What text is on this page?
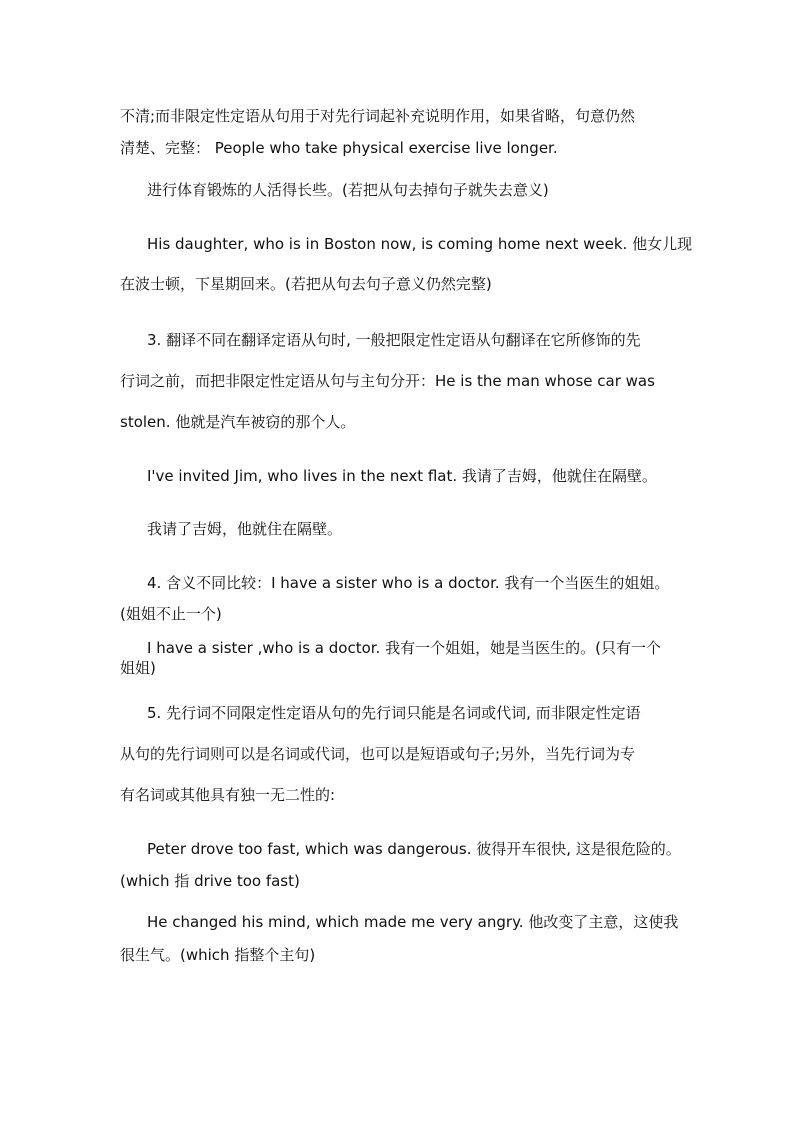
不清;而非限定性定语从句用于对先行词起补充说明作用，如果省略，句意仍然
清楚、完整： People who take physical exercise live longer.
进行体育锻炼的人活得长些。(若把从句去掉句子就失去意义)
His daughter, who is in Boston now, is coming home next week. 他女儿现
在波士顿，下星期回来。(若把从句去句子意义仍然完整)
3. 翻译不同在翻译定语从句时, 一般把限定性定语从句翻译在它所修饰的先
行词之前，而把非限定性定语从句与主句分开：He is the man whose car was
stolen. 他就是汽车被窃的那个人。
I've invited Jim, who lives in the next flat. 我请了吉姆，他就住在隔壁。
我请了吉姆，他就住在隔壁。
4. 含义不同比较：I have a sister who is a doctor. 我有一个当医生的姐姐。
(姐姐不止一个)
I have a sister ,who is a doctor. 我有一个姐姐，她是当医生的。(只有一个
姐姐)
5. 先行词不同限定性定语从句的先行词只能是名词或代词, 而非限定性定语
从句的先行词则可以是名词或代词，也可以是短语或句子;另外，当先行词为专
有名词或其他具有独一无二性的:
Peter drove too fast, which was dangerous. 彼得开车很快, 这是很危险的。
(which 指 drive too fast)
He changed his mind, which made me very angry. 他改变了主意，这使我
很生气。(which 指整个主句)
